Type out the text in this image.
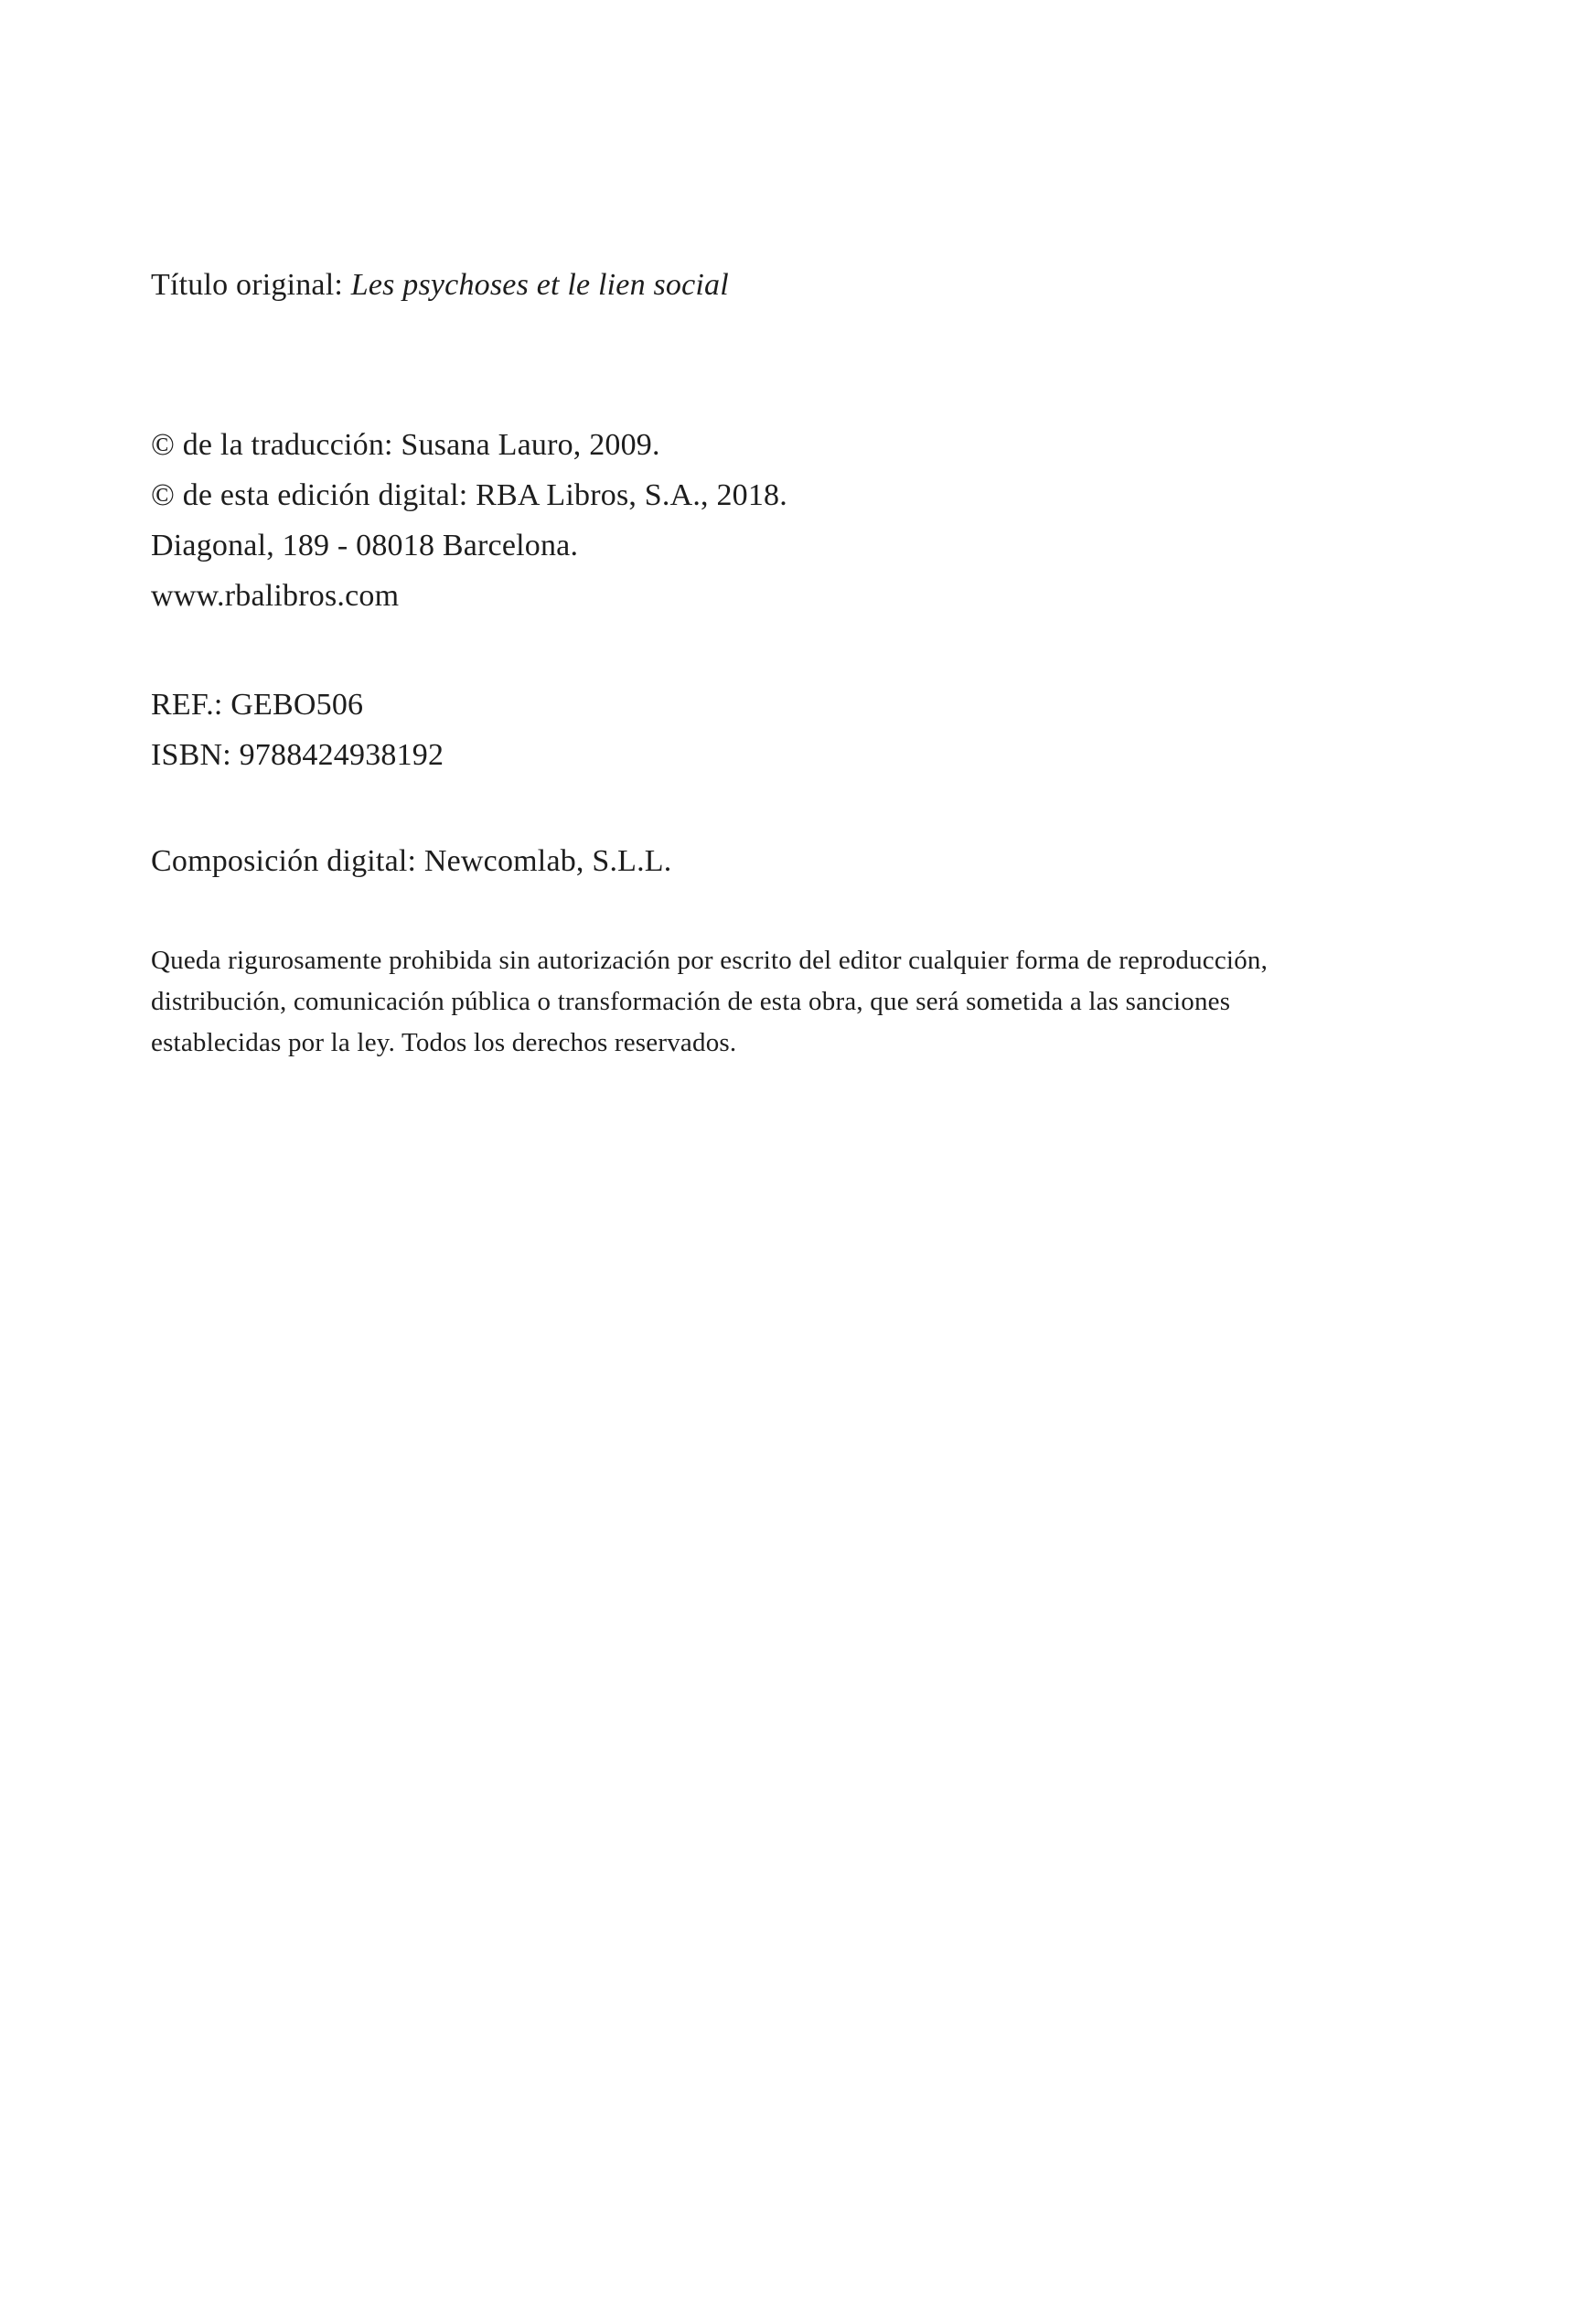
Título original: Les psychoses et le lien social

© de la traducción: Susana Lauro, 2009.
© de esta edición digital: RBA Libros, S.A., 2018.
Diagonal, 189 - 08018 Barcelona.
www.rbalibros.com
REF.: GEBO506
ISBN: 9788424938192

Composición digital: Newcomlab, S.L.L.

Queda rigurosamente prohibida sin autorización por escrito del editor cualquier forma de reproducción,
distribución, comunicación pública o transformación de esta obra, que será sometida a las sanciones
establecidas por la ley. Todos los derechos reservados.
